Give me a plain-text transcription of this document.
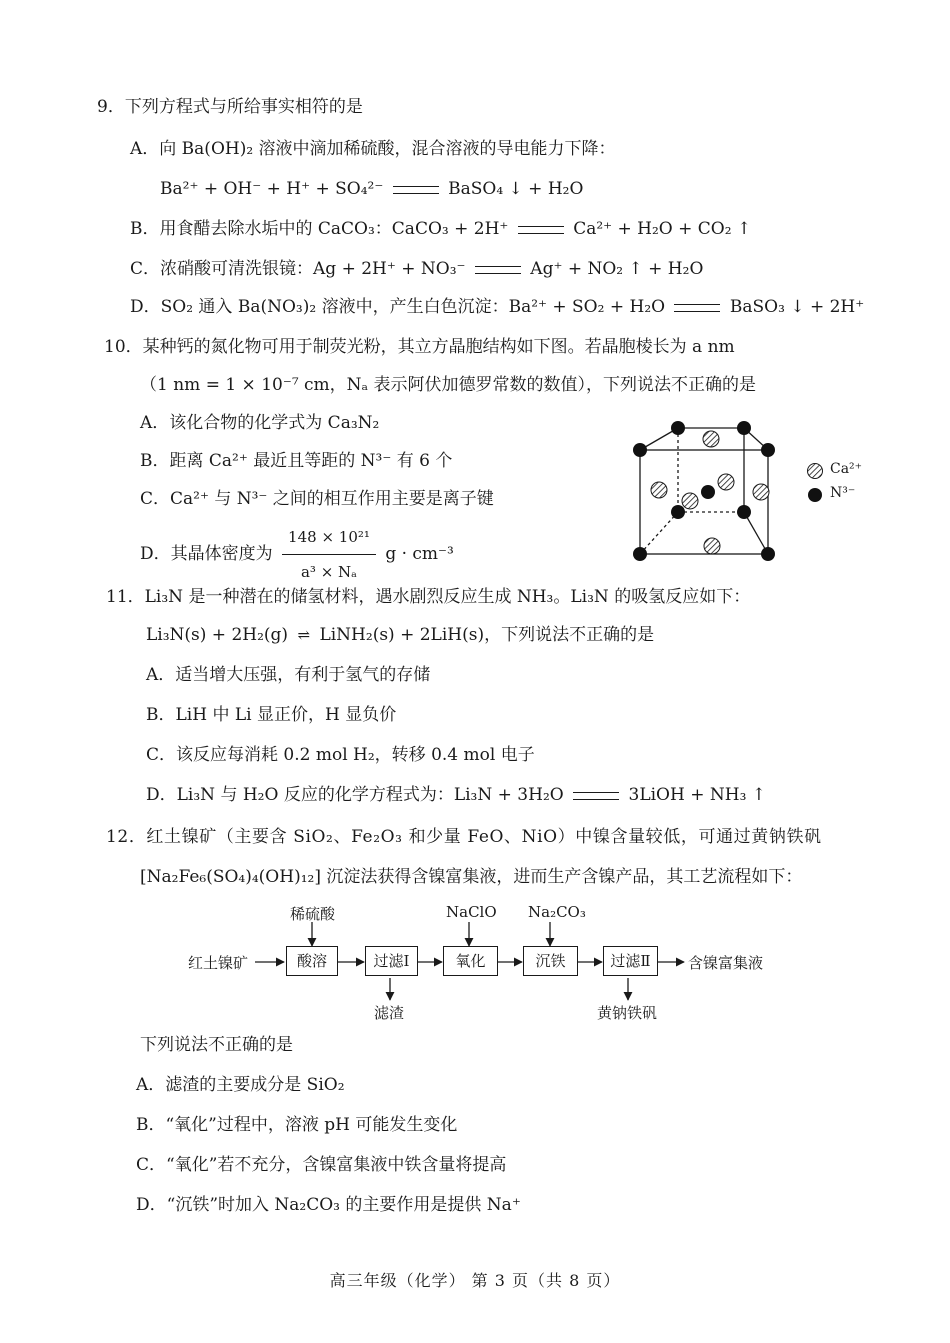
9．下列方程式与所给事实相符的是
A．向 Ba(OH)₂ 溶液中滴加稀硫酸，混合溶液的导电能力下降：
Ba²⁺ + OH⁻ + H⁺ + SO₄²⁻	BaSO₄ ↓ + H₂O
B．用食醋去除水垢中的 CaCO₃：CaCO₃ + 2H⁺	Ca²⁺ + H₂O + CO₂ ↑
C．浓硝酸可清洗银镜：Ag + 2H⁺ + NO₃⁻	Ag⁺ + NO₂ ↑ + H₂O
D．SO₂ 通入 Ba(NO₃)₂ 溶液中，产生白色沉淀：Ba²⁺ + SO₂ + H₂O	BaSO₃ ↓ + 2H⁺
10．某种钙的氮化物可用于制荧光粉，其立方晶胞结构如下图。若晶胞棱长为 a nm
（1 nm = 1 × 10⁻⁷ cm，Nₐ 表示阿伏加德罗常数的数值），下列说法不正确的是
A．该化合物的化学式为 Ca₃N₂
B．距离 Ca²⁺ 最近且等距的 N³⁻ 有 6 个
C．Ca²⁺ 与 N³⁻ 之间的相互作用主要是离子键
D．其晶体密度为 $\frac{\text{148 × 10²¹}}{\text{a³ × Nₐ}}$ g · cm⁻³
Ca²⁺
N³⁻
11．Li₃N 是一种潜在的储氢材料，遇水剧烈反应生成 NH₃。Li₃N 的吸氢反应如下：
Li₃N(s) + 2H₂(g) ⇌ LiNH₂(s) + 2LiH(s)，下列说法不正确的是
A．适当增大压强，有利于氢气的存储
B．LiH 中 Li 显正价，H 显负价
C．该反应每消耗 0.2 mol H₂，转移 0.4 mol 电子
D．Li₃N 与 H₂O 反应的化学方程式为：Li₃N + 3H₂O	3LiOH + NH₃ ↑
12．红土镍矿（主要含 SiO₂、Fe₂O₃ 和少量 FeO、NiO）中镍含量较低，可通过黄钠铁矾
[Na₂Fe₆(SO₄)₄(OH)₁₂] 沉淀法获得含镍富集液，进而生产含镍产品，其工艺流程如下：
红土镍矿
稀硫酸
酸溶	过滤Ⅰ
滤渣
NaClO
氧化
Na₂CO₃
沉铁	过滤Ⅱ
黄钠铁矾
含镍富集液
下列说法不正确的是
A．滤渣的主要成分是 SiO₂
B．“氧化”过程中，溶液 pH 可能发生变化
C．“氧化”若不充分，含镍富集液中铁含量将提高
D．“沉铁”时加入 Na₂CO₃ 的主要作用是提供 Na⁺
高三年级（化学） 第 3 页（共 8 页）
